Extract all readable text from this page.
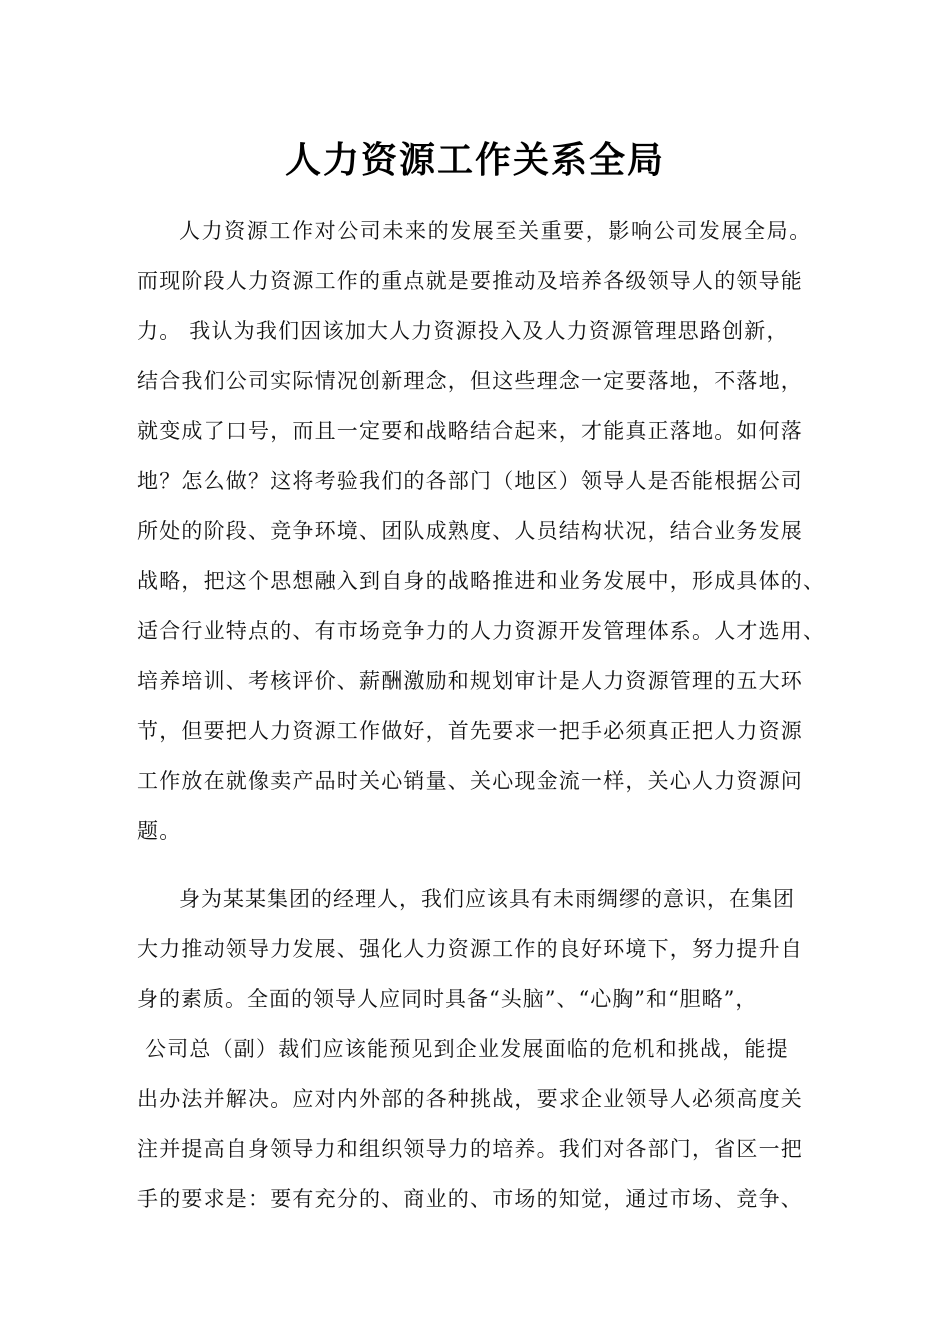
人力资源工作关系全局
人力资源工作对公司未来的发展至关重要，影响公司发展全局。
而现阶段人力资源工作的重点就是要推动及培养各级领导人的领导能
力。 我认为我们因该加大人力资源投入及人力资源管理思路创新，
结合我们公司实际情况创新理念，但这些理念一定要落地，不落地，
就变成了口号，而且一定要和战略结合起来，才能真正落地。如何落
地？怎么做？这将考验我们的各部门（地区）领导人是否能根据公司
所处的阶段、竞争环境、团队成熟度、人员结构状况，结合业务发展
战略，把这个思想融入到自身的战略推进和业务发展中，形成具体的、
适合行业特点的、有市场竞争力的人力资源开发管理体系。人才选用、
培养培训、考核评价、薪酬激励和规划审计是人力资源管理的五大环
节，但要把人力资源工作做好，首先要求一把手必须真正把人力资源
工作放在就像卖产品时关心销量、关心现金流一样，关心人力资源问
题。
身为某某集团的经理人，我们应该具有未雨绸缪的意识，在集团
大力推动领导力发展、强化人力资源工作的良好环境下，努力提升自
身的素质。全面的领导人应同时具备“头脑”、“心胸”和“胆略”，
公司总（副）裁们应该能预见到企业发展面临的危机和挑战，能提
出办法并解决。应对内外部的各种挑战，要求企业领导人必须高度关
注并提高自身领导力和组织领导力的培养。我们对各部门，省区一把
手的要求是：要有充分的、商业的、市场的知觉，通过市场、竞争、
